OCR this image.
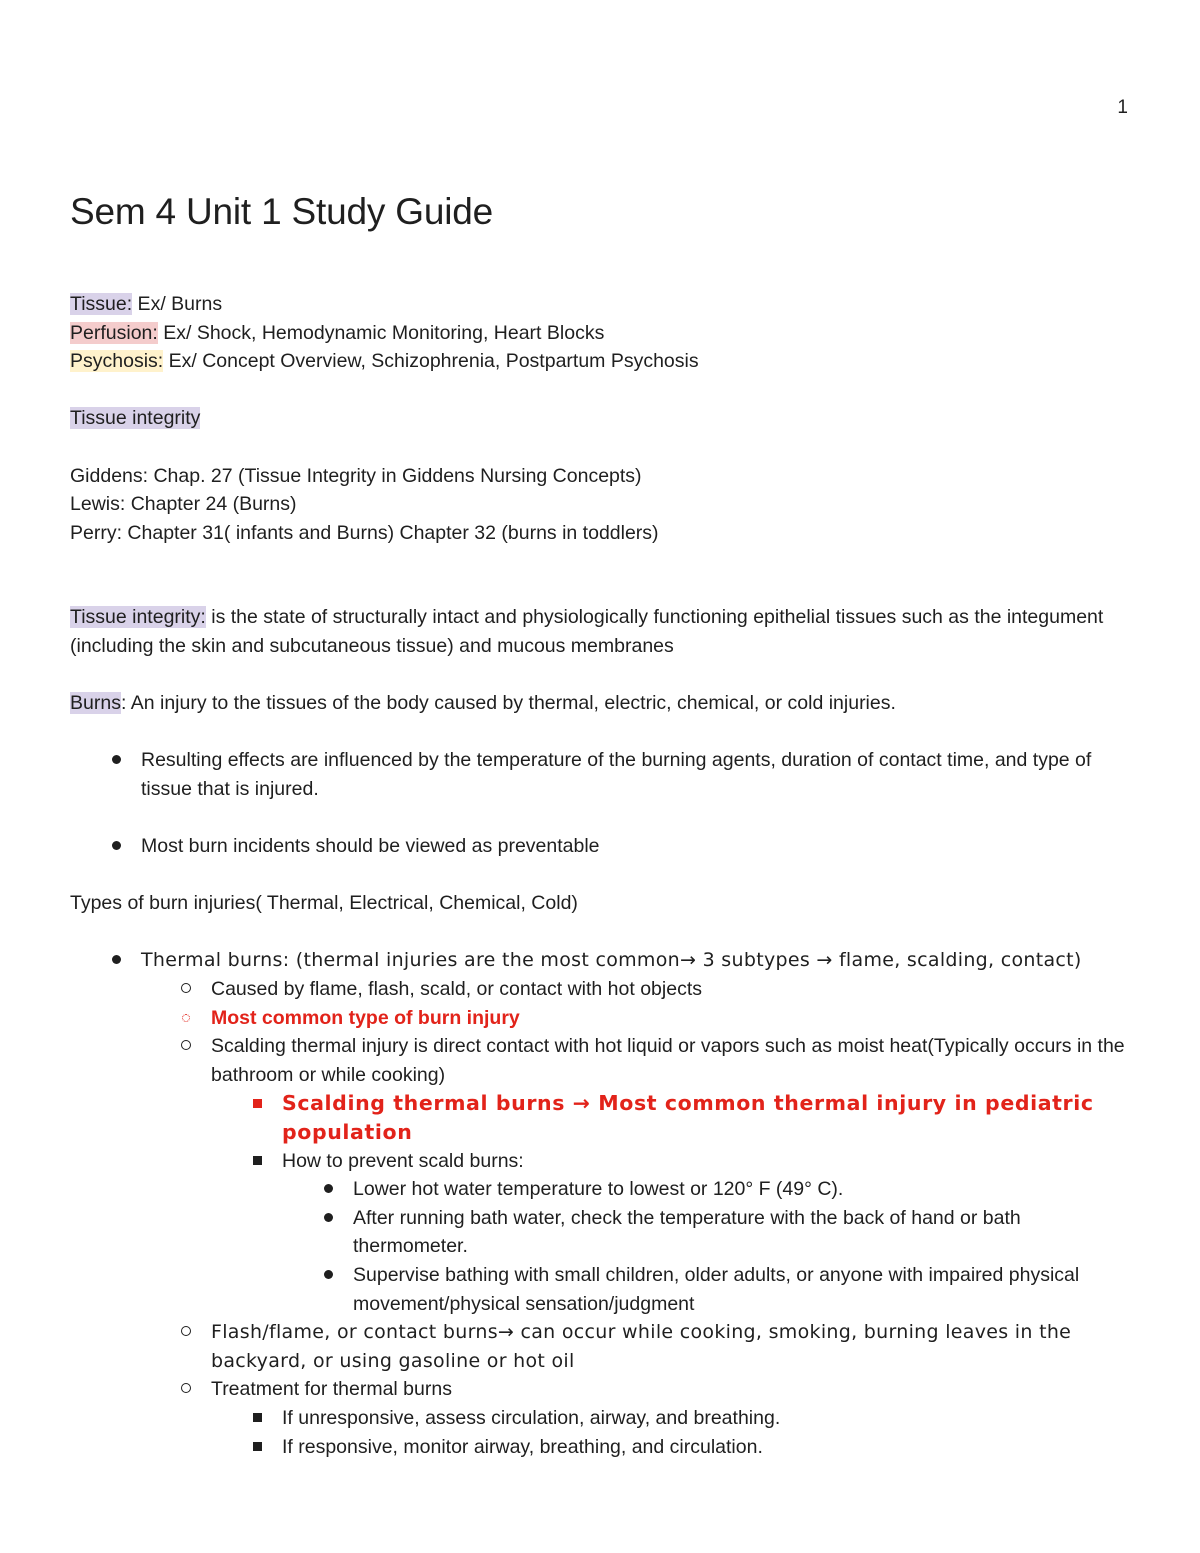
1
Sem 4 Unit 1 Study Guide

Tissue: Ex/ Burns

Perfusion: Ex/ Shock, Hemodynamic Monitoring, Heart Blocks

Psychosis: Ex/ Concept Overview, Schizophrenia, Postpartum Psychosis

Tissue integrity

Giddens: Chap. 27 (Tissue Integrity in Giddens Nursing Concepts)

Lewis: Chapter 24 (Burns)

Perry: Chapter 31( infants and Burns) Chapter 32 (burns in toddlers)

Tissue integrity: is the state of structurally intact and physiologically functioning epithelial tissues such as the integument (including the skin and subcutaneous tissue) and mucous membranes

Burns: An injury to the tissues of the body caused by thermal, electric, chemical, or cold injuries.

Resulting effects are influenced by the temperature of the burning agents, duration of contact time, and type of tissue that is injured.
Most burn incidents should be viewed as preventable

Types of burn injuries( Thermal, Electrical, Chemical, Cold)

Thermal burns: (thermal injuries are the most common→ 3 subtypes → flame, scalding, contact)
Caused by flame, flash, scald, or contact with hot objects
Most common type of burn injury
Scalding thermal injury is direct contact with hot liquid or vapors such as moist heat(Typically occurs in the bathroom or while cooking)
Scalding thermal burns → Most common thermal injury in pediatric population
How to prevent scald burns:
Lower hot water temperature to lowest or 120° F (49° C).
After running bath water, check the temperature with the back of hand or bath thermometer.
Supervise bathing with small children, older adults, or anyone with impaired physical movement/physical sensation/judgment
Flash/flame, or contact burns→ can occur while cooking, smoking, burning leaves in the backyard, or using gasoline or hot oil
Treatment for thermal burns
If unresponsive, assess circulation, airway, and breathing.
If responsive, monitor airway, breathing, and circulation.
